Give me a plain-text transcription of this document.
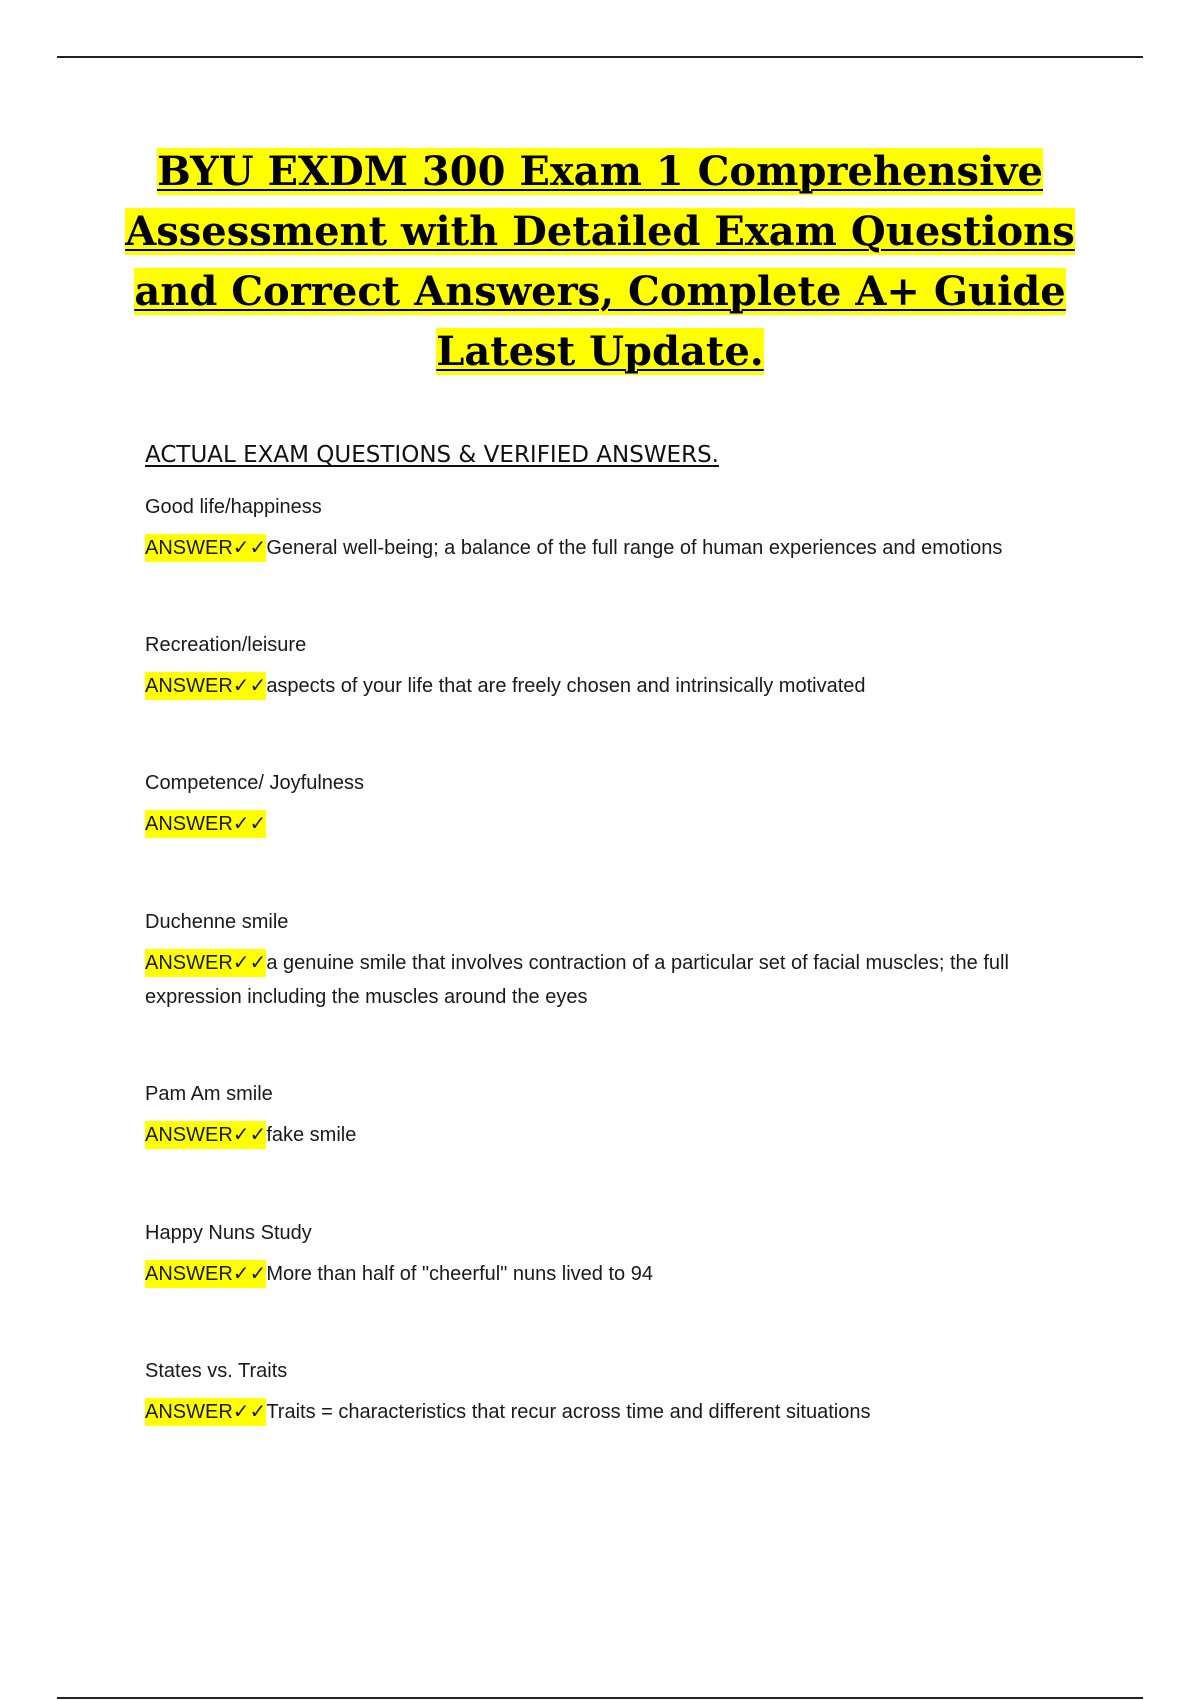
BYU EXDM 300 Exam 1 Comprehensive Assessment with Detailed Exam Questions and Correct Answers, Complete A+ Guide Latest Update.
ACTUAL EXAM QUESTIONS & VERIFIED ANSWERS.

Good life/happiness

ANSWER✓✓General well-being; a balance of the full range of human experiences and emotions

Recreation/leisure

ANSWER✓✓aspects of your life that are freely chosen and intrinsically motivated

Competence/ Joyfulness

ANSWER✓✓

Duchenne smile

ANSWER✓✓a genuine smile that involves contraction of a particular set of facial muscles; the full expression including the muscles around the eyes

Pam Am smile

ANSWER✓✓fake smile

Happy Nuns Study

ANSWER✓✓More than half of "cheerful" nuns lived to 94

States vs. Traits

ANSWER✓✓Traits = characteristics that recur across time and different situations
